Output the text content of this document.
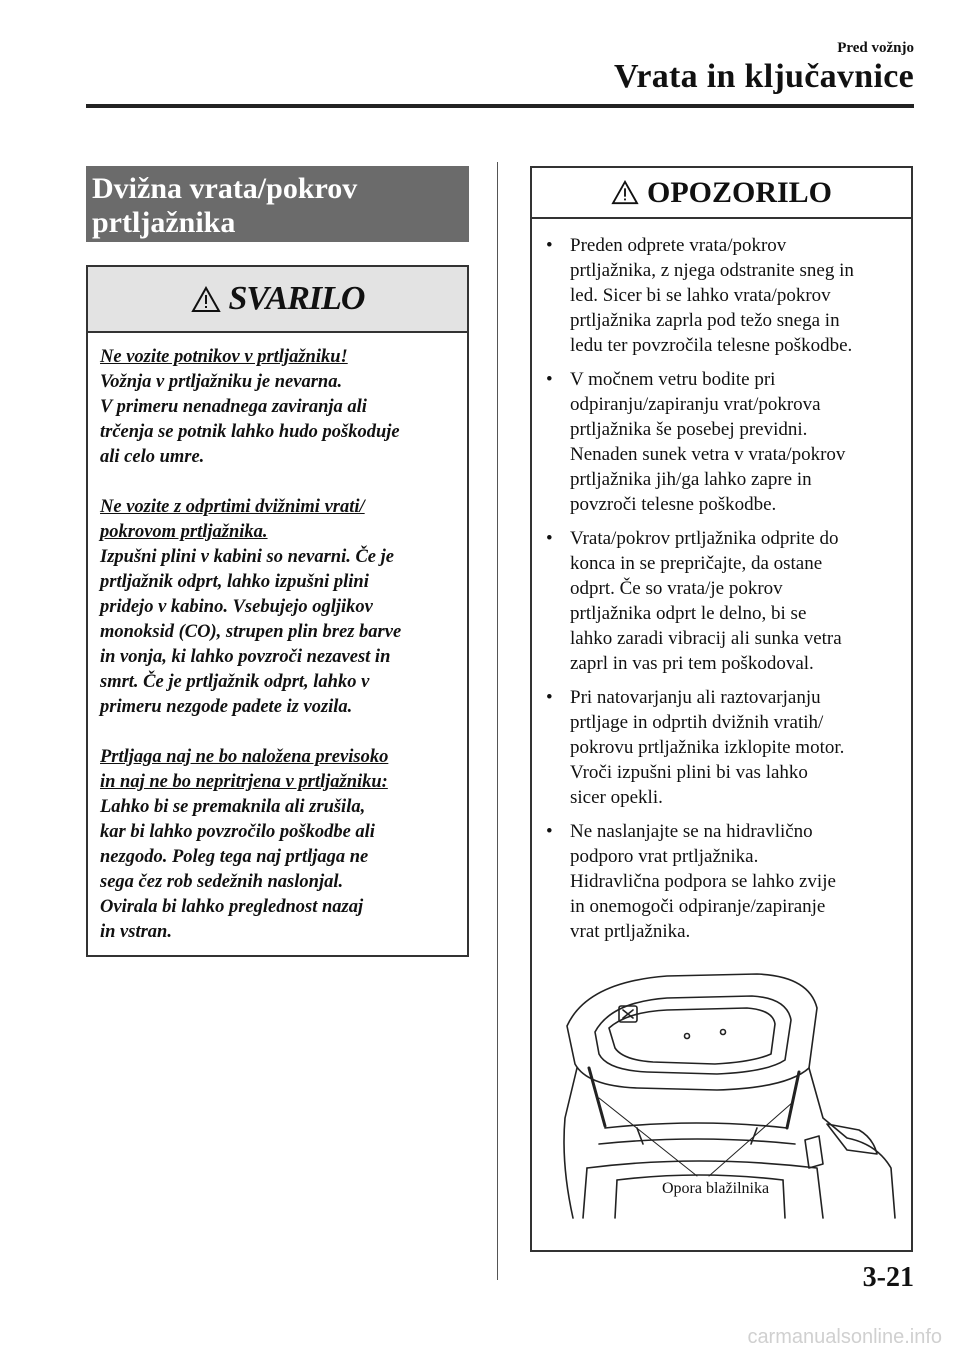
Pred vožnjo
Vrata in ključavnice
Dvižna vrata/pokrov
prtljažnika
SVARILO
Ne vozite potnikov v prtljažniku!
Vožnja v prtljažniku je nevarna.
V primeru nenadnega zaviranja ali
trčenja se potnik lahko hudo poškoduje
ali celo umre.
Ne vozite z odprtimi dvižnimi vrati/
pokrovom prtljažnika.
Izpušni plini v kabini so nevarni. Če je
prtljažnik odprt, lahko izpušni plini
pridejo v kabino. Vsebujejo ogljikov
monoksid (CO), strupen plin brez barve
in vonja, ki lahko povzroči nezavest in
smrt. Če je prtljažnik odprt, lahko v
primeru nezgode padete iz vozila.
Prtljaga naj ne bo naložena previsoko
in naj ne bo nepritrjena v prtljažniku:
Lahko bi se premaknila ali zrušila,
kar bi lahko povzročilo poškodbe ali
nezgodo. Poleg tega naj prtljaga ne
sega čez rob sedežnih naslonjal.
Ovirala bi lahko preglednost nazaj
in vstran.
OPOZORILO
• Preden odprete vrata/pokrov
prtljažnika, z njega odstranite sneg in
led. Sicer bi se lahko vrata/pokrov
prtljažnika zaprla pod težo snega in
ledu ter povzročila telesne poškodbe.
• V močnem vetru bodite pri
odpiranju/zapiranju vrat/pokrova
prtljažnika še posebej previdni.
Nenaden sunek vetra v vrata/pokrov
prtljažnika jih/ga lahko zapre in
povzroči telesne poškodbe.
• Vrata/pokrov prtljažnika odprite do
konca in se prepričajte, da ostane
odprt. Če so vrata/je pokrov
prtljažnika odprt le delno, bi se
lahko zaradi vibracij ali sunka vetra
zaprl in vas pri tem poškodoval.
• Pri natovarjanju ali raztovarjanju
prtljage in odprtih dvižnih vratih/
pokrovu prtljažnika izklopite motor.
Vroči izpušni plini bi vas lahko
sicer opekli.
• Ne naslanjajte se na hidravlično
podporo vrat prtljažnika.
Hidravlična podpora se lahko zvije
in onemogoči odpiranje/zapiranje
vrat prtljažnika.
Opora blažilnika
3-21
carmanualsonline.info
